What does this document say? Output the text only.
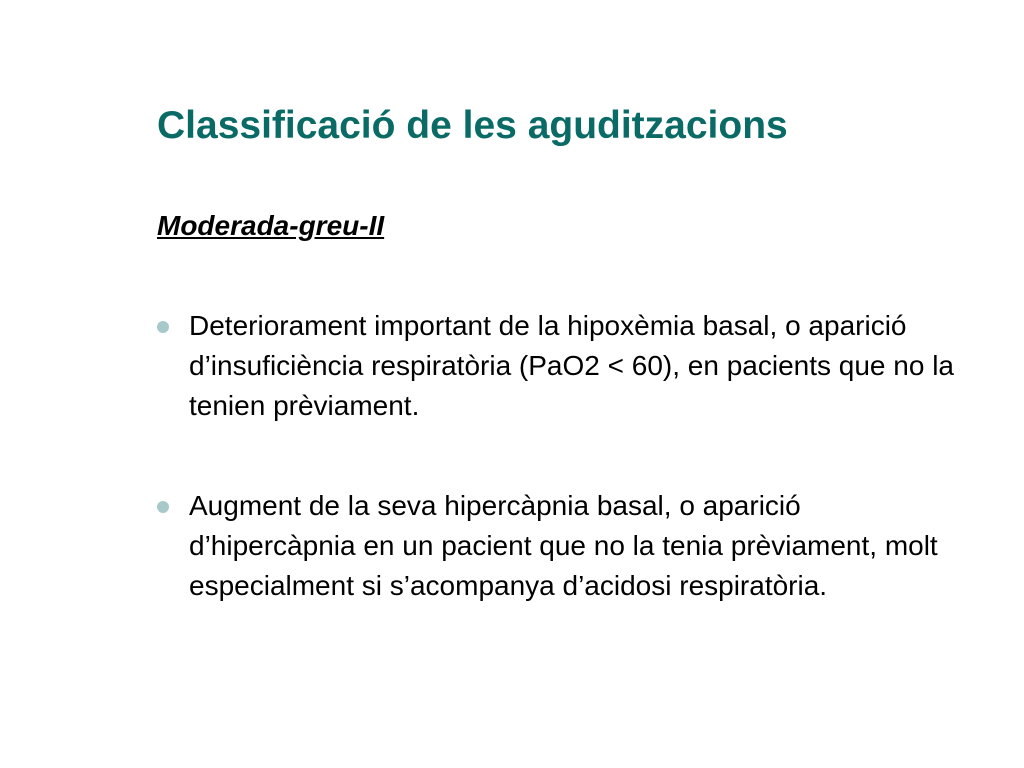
Classificació de les aguditzacions
Moderada-greu-II
Deteriorament important de la hipoxèmia basal, o aparició d’insuficiència respiratòria (PaO2 < 60), en pacients que no la tenien prèviament.
Augment de la seva hipercàpnia basal, o aparició d’hipercàpnia en un pacient que no la tenia prèviament, molt especialment si s’acompanya d’acidosi respiratòria.
